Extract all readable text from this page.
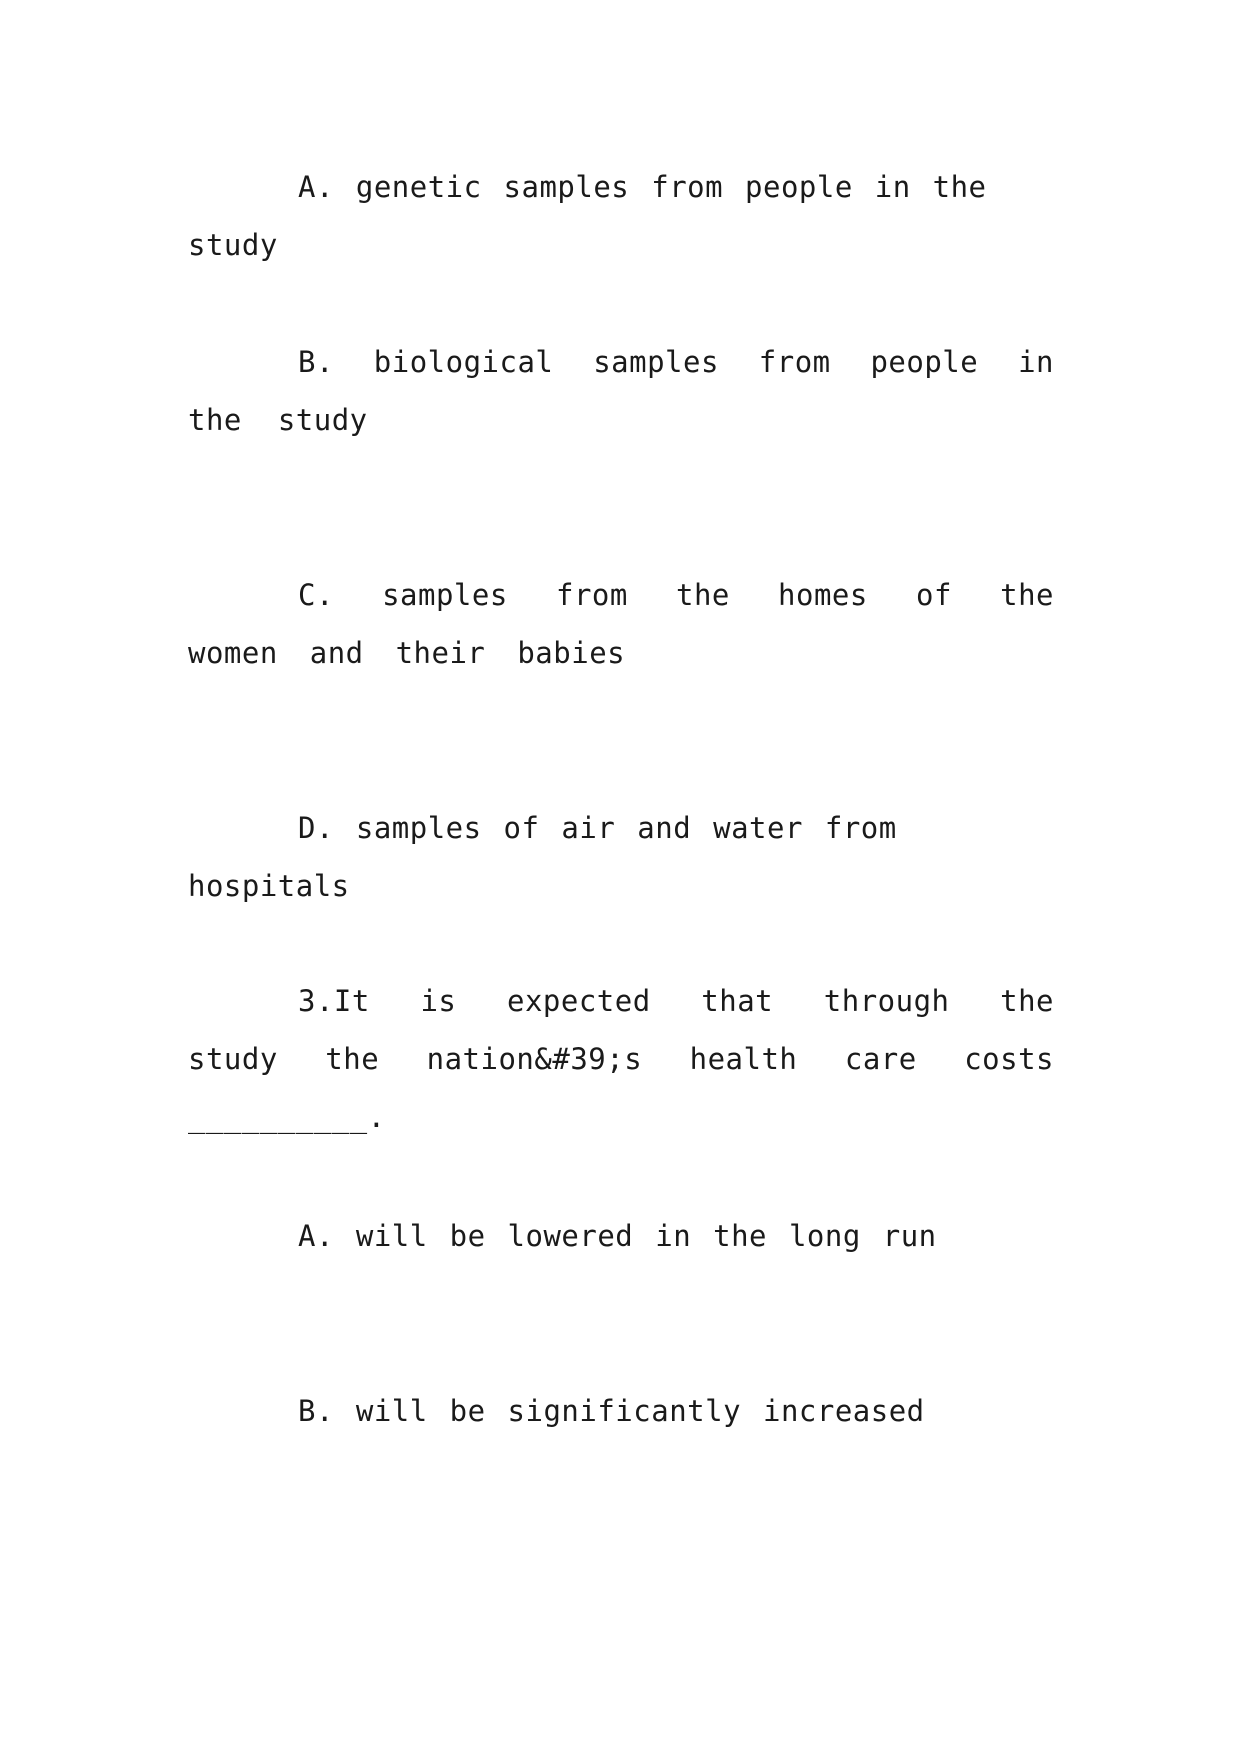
A. genetic samples from people in the study

B. biological samples from people in the study

C. samples from the homes of the women and their babies

D. samples of air and water from hospitals

3.It is expected that through the study the nation&#39;s health care costs __________.

A. will be lowered in the long run

B. will be significantly increased
